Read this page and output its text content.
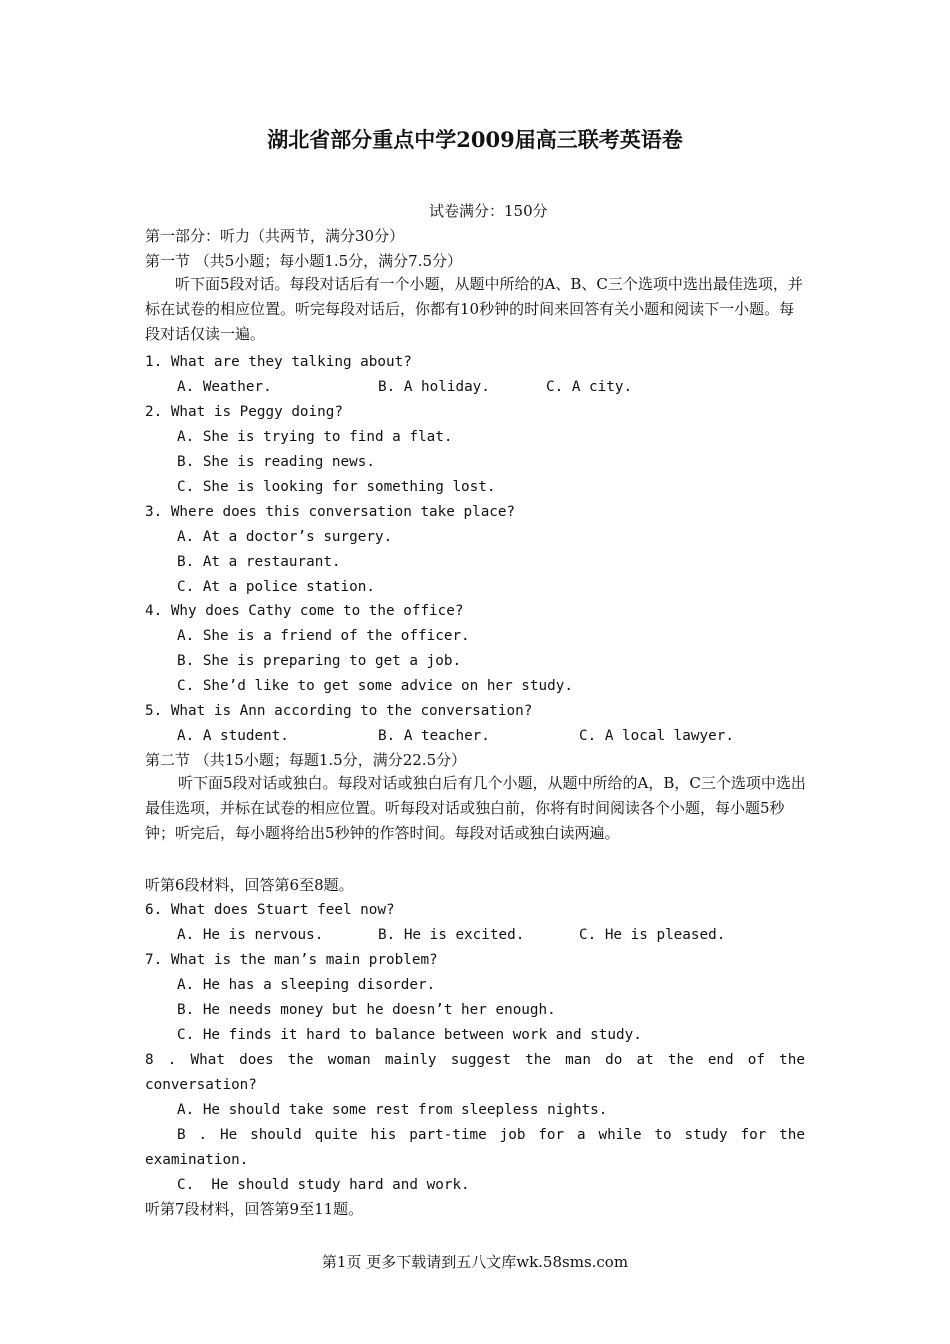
湖北省部分重点中学2009届高三联考英语卷
试卷满分：150分
第一部分：听力（共两节，满分30分）
第一节 （共5小题；每小题1.5分，满分7.5分）
听下面5段对话。每段对话后有一个小题，从题中所给的A、B、C三个选项中选出最佳选项，并标在试卷的相应位置。听完每段对话后，你都有10秒钟的时间来回答有关小题和阅读下一小题。每段对话仅读一遍。
1. What are they talking about?
A. Weather.	B. A holiday.	C. A city.
2. What is Peggy doing?
A. She is trying to find a flat.
B. She is reading news.
C. She is looking for something lost.
3. Where does this conversation take place?
A. At a doctor’s surgery.
B. At a restaurant.
C. At a police station.
4. Why does Cathy come to the office?
A. She is a friend of the officer.
B. She is preparing to get a job.
C. She’d like to get some advice on her study.
5. What is Ann according to the conversation?
A. A student.	B. A teacher.	C. A local lawyer.
第二节 （共15小题；每题1.5分，满分22.5分）
听下面5段对话或独白。每段对话或独白后有几个小题，从题中所给的A，B，C三个选项中选出最佳选项，并标在试卷的相应位置。听每段对话或独白前，你将有时间阅读各个小题，每小题5秒钟；听完后，每小题将给出5秒钟的作答时间。每段对话或独白读两遍。
听第6段材料，回答第6至8题。
6. What does Stuart feel now?
A. He is nervous.	B. He is excited.	C. He is pleased.
7. What is the man’s main problem?
A. He has a sleeping disorder.
B. He needs money but he doesn’t her enough.
C. He finds it hard to balance between work and study.
8 . What does the woman mainly suggest the man do at the end of the
conversation?
A. He should take some rest from sleepless nights.
B . He should quite his part-time job for a while to study for the
examination.
C.  He should study hard and work.
听第7段材料，回答第9至11题。
第1页 更多下载请到五八文库wk.58sms.com
